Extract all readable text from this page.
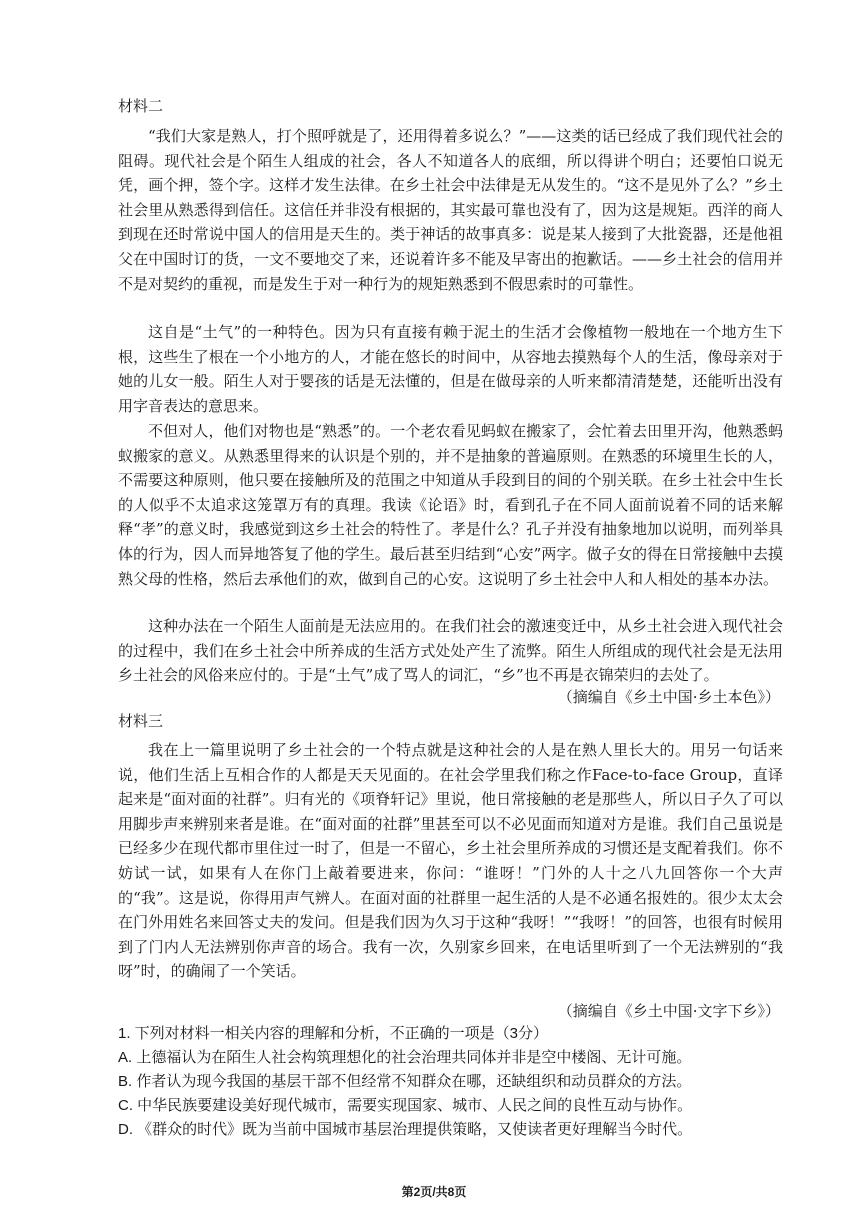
材料二

“我们大家是熟人，打个照呼就是了，还用得着多说么？”——这类的话已经成了我们现代社会的阻碍。现代社会是个陌生人组成的社会，各人不知道各人的底细，所以得讲个明白；还要怕口说无凭，画个押，签个字。这样才发生法律。在乡土社会中法律是无从发生的。“这不是见外了么？”乡土社会里从熟悉得到信任。这信任并非没有根据的，其实最可靠也没有了，因为这是规矩。西洋的商人到现在还时常说中国人的信用是天生的。类于神话的故事真多：说是某人接到了大批瓷器，还是他祖父在中国时订的货，一文不要地交了来，还说着许多不能及早寄出的抱歉话。——乡土社会的信用并不是对契约的重视，而是发生于对一种行为的规矩熟悉到不假思索时的可靠性。

这自是“土气”的一种特色。因为只有直接有赖于泥土的生活才会像植物一般地在一个地方生下根，这些生了根在一个小地方的人，才能在悠长的时间中，从容地去摸熟每个人的生活，像母亲对于她的儿女一般。陌生人对于婴孩的话是无法懂的，但是在做母亲的人听来都清清楚楚，还能听出没有用字音表达的意思来。

不但对人，他们对物也是“熟悉”的。一个老农看见蚂蚁在搬家了，会忙着去田里开沟，他熟悉蚂蚁搬家的意义。从熟悉里得来的认识是个别的，并不是抽象的普遍原则。在熟悉的环境里生长的人，不需要这种原则，他只要在接触所及的范围之中知道从手段到目的间的个别关联。在乡土社会中生长的人似乎不太追求这笼罩万有的真理。我读《论语》时，看到孔子在不同人面前说着不同的话来解释“孝”的意义时，我感觉到这乡土社会的特性了。孝是什么？孔子并没有抽象地加以说明，而列举具体的行为，因人而异地答复了他的学生。最后甚至归结到“心安”两字。做子女的得在日常接触中去摸熟父母的性格，然后去承他们的欢，做到自己的心安。这说明了乡土社会中人和人相处的基本办法。

这种办法在一个陌生人面前是无法应用的。在我们社会的激速变迁中，从乡土社会进入现代社会的过程中，我们在乡土社会中所养成的生活方式处处产生了流弊。陌生人所组成的现代社会是无法用乡土社会的风俗来应付的。于是“土气”成了骂人的词汇，“乡”也不再是衣锦荣归的去处了。

（摘编自《乡土中国·乡土本色》）
材料三

我在上一篇里说明了乡土社会的一个特点就是这种社会的人是在熟人里长大的。用另一句话来说，他们生活上互相合作的人都是天天见面的。在社会学里我们称之作Face-to-face Group，直译起来是“面对面的社群”。归有光的《项脊轩记》里说，他日常接触的老是那些人，所以日子久了可以用脚步声来辨别来者是谁。在“面对面的社群”里甚至可以不必见面而知道对方是谁。我们自己虽说是已经多少在现代都市里住过一时了，但是一不留心，乡土社会里所养成的习惯还是支配着我们。你不妨试一试，如果有人在你门上敲着要进来，你问：“谁呀！”门外的人十之八九回答你一个大声的“我”。这是说，你得用声气辨人。在面对面的社群里一起生活的人是不必通名报姓的。很少太太会在门外用姓名来回答丈夫的发问。但是我们因为久习于这种“我呀！”“我呀！”的回答，也很有时候用到了门内人无法辨别你声音的场合。我有一次，久别家乡回来，在电话里听到了一个无法辨别的“我呀”时，的确闹了一个笑话。

（摘编自《乡土中国·文字下乡》）
1. 下列对材料一相关内容的理解和分析，不正确的一项是（3分）
A. 上德福认为在陌生人社会构筑理想化的社会治理共同体并非是空中楼阁、无计可施。
B. 作者认为现今我国的基层干部不但经常不知群众在哪，还缺组织和动员群众的方法。
C. 中华民族要建设美好现代城市，需要实现国家、城市、人民之间的良性互动与协作。
D. 《群众的时代》既为当前中国城市基层治理提供策略，又使读者更好理解当今时代。
第2页/共8页
